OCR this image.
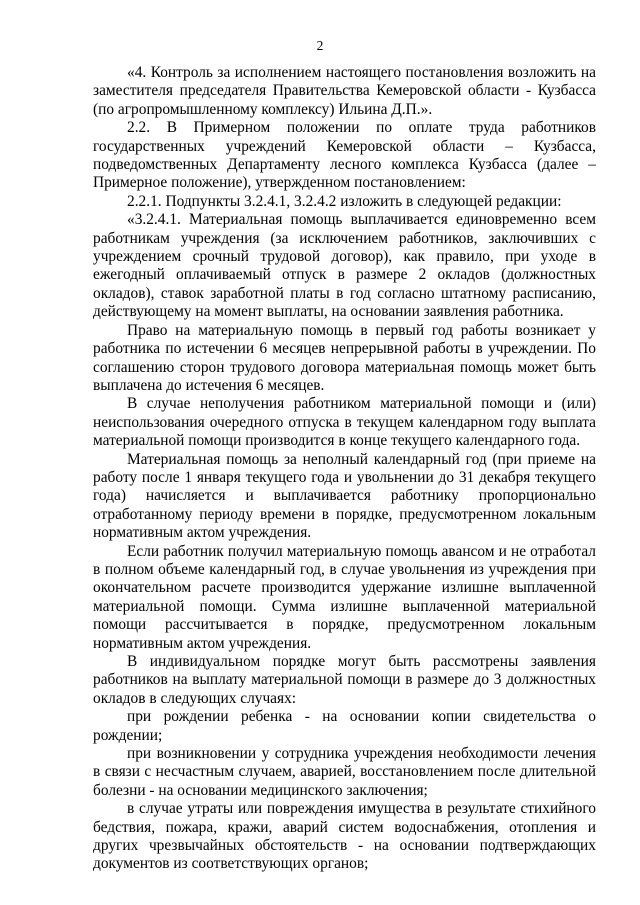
2

«4. Контроль за исполнением настоящего постановления возложить на заместителя председателя Правительства Кемеровской области - Кузбасса (по агропромышленному комплексу) Ильина Д.П.».

2.2. В Примерном положении по оплате труда работников государственных учреждений Кемеровской области – Кузбасса, подведомственных Департаменту лесного комплекса Кузбасса (далее – Примерное положение), утвержденном постановлением:

2.2.1. Подпункты 3.2.4.1, 3.2.4.2 изложить в следующей редакции:

«3.2.4.1. Материальная помощь выплачивается единовременно всем работникам учреждения (за исключением работников, заключивших с учреждением срочный трудовой договор), как правило, при уходе в ежегодный оплачиваемый отпуск в размере 2 окладов (должностных окладов), ставок заработной платы в год согласно штатному расписанию, действующему на момент выплаты, на основании заявления работника.

Право на материальную помощь в первый год работы возникает у работника по истечении 6 месяцев непрерывной работы в учреждении. По соглашению сторон трудового договора материальная помощь может быть выплачена до истечения 6 месяцев.

В случае неполучения работником материальной помощи и (или) неиспользования очередного отпуска в текущем календарном году выплата материальной помощи производится в конце текущего календарного года.

Материальная помощь за неполный календарный год (при приеме на работу после 1 января текущего года и увольнении до 31 декабря текущего года) начисляется и выплачивается работнику пропорционально отработанному периоду времени в порядке, предусмотренном локальным нормативным актом учреждения.

Если работник получил материальную помощь авансом и не отработал в полном объеме календарный год, в случае увольнения из учреждения при окончательном расчете производится удержание излишне выплаченной материальной помощи. Сумма излишне выплаченной материальной помощи рассчитывается в порядке, предусмотренном локальным нормативным актом учреждения.

В индивидуальном порядке могут быть рассмотрены заявления работников на выплату материальной помощи в размере до 3 должностных окладов в следующих случаях:

при рождении ребенка - на основании копии свидетельства о рождении;

при возникновении у сотрудника учреждения необходимости лечения в связи с несчастным случаем, аварией, восстановлением после длительной болезни - на основании медицинского заключения;

в случае утраты или повреждения имущества в результате стихийного бедствия, пожара, кражи, аварий систем водоснабжения, отопления и других чрезвычайных обстоятельств - на основании подтверждающих документов из соответствующих органов;
